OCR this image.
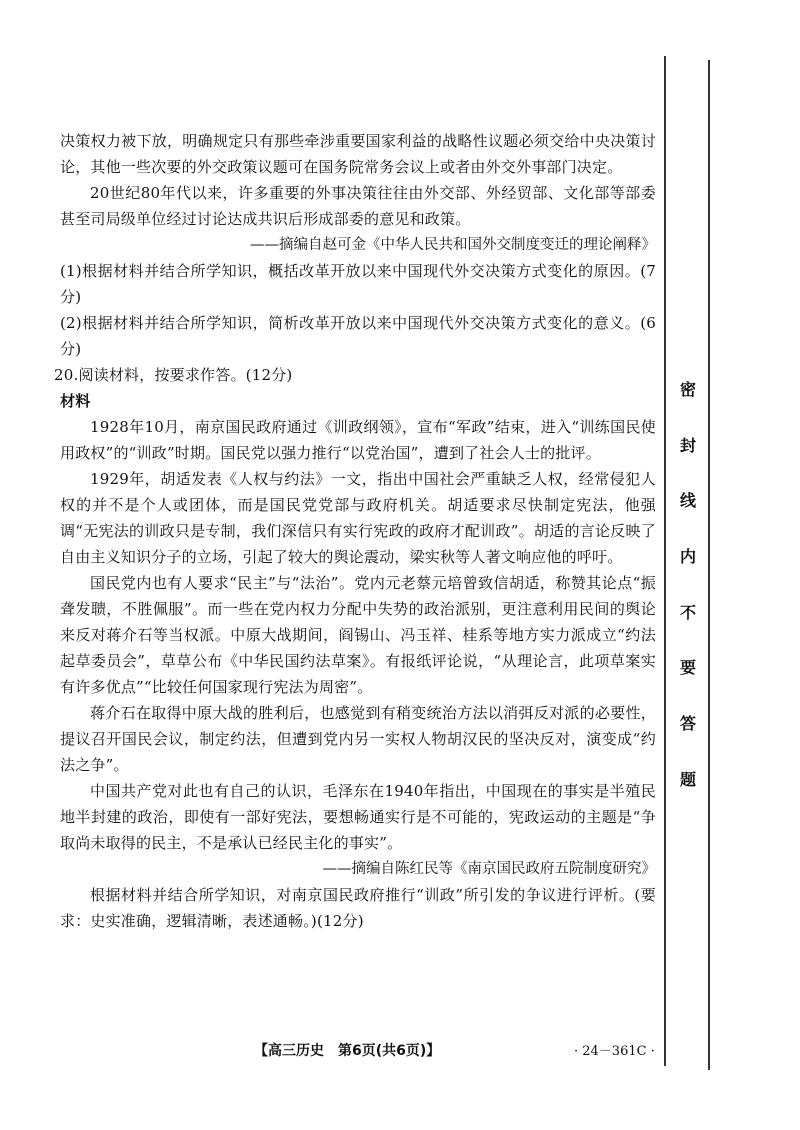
决策权力被下放，明确规定只有那些牵涉重要国家利益的战略性议题必须交给中央决策讨论，其他一些次要的外交政策议题可在国务院常务会议上或者由外交外事部门决定。

20世纪80年代以来，许多重要的外事决策往往由外交部、外经贸部、文化部等部委甚至司局级单位经过讨论达成共识后形成部委的意见和政策。

——摘编自赵可金《中华人民共和国外交制度变迁的理论阐释》

(1)根据材料并结合所学知识，概括改革开放以来中国现代外交决策方式变化的原因。(7分)

(2)根据材料并结合所学知识，简析改革开放以来中国现代外交决策方式变化的意义。(6分)

20.阅读材料，按要求作答。(12分)

材料

1928年10月，南京国民政府通过《训政纲领》，宣布“军政”结束，进入“训练国民使用政权”的“训政”时期。国民党以强力推行“以党治国”，遭到了社会人士的批评。

1929年，胡适发表《人权与约法》一文，指出中国社会严重缺乏人权，经常侵犯人权的并不是个人或团体，而是国民党党部与政府机关。胡适要求尽快制定宪法，他强调“无宪法的训政只是专制，我们深信只有实行宪政的政府才配训政”。胡适的言论反映了自由主义知识分子的立场，引起了较大的舆论震动，梁实秋等人著文响应他的呼吁。

国民党内也有人要求“民主”与“法治”。党内元老蔡元培曾致信胡适，称赞其论点“振聋发聩，不胜佩服”。而一些在党内权力分配中失势的政治派别，更注意利用民间的舆论来反对蒋介石等当权派。中原大战期间，阎锡山、冯玉祥、桂系等地方实力派成立“约法起草委员会”，草草公布《中华民国约法草案》。有报纸评论说，“从理论言，此项草案实有许多优点”“比较任何国家现行宪法为周密”。

蒋介石在取得中原大战的胜利后，也感觉到有稍变统治方法以消弭反对派的必要性，提议召开国民会议，制定约法，但遭到党内另一实权人物胡汉民的坚决反对，演变成“约法之争”。

中国共产党对此也有自己的认识，毛泽东在1940年指出，中国现在的事实是半殖民地半封建的政治，即使有一部好宪法，要想畅通实行是不可能的，宪政运动的主题是“争取尚未取得的民主，不是承认已经民主化的事实”。

——摘编自陈红民等《南京国民政府五院制度研究》

根据材料并结合所学知识，对南京国民政府推行“训政”所引发的争议进行评析。(要求：史实准确，逻辑清晰，表述通畅。)(12分)

密
封
线
内
不
要
答
题
【高三历史　第6页(共6页)】	· 24－361C ·
